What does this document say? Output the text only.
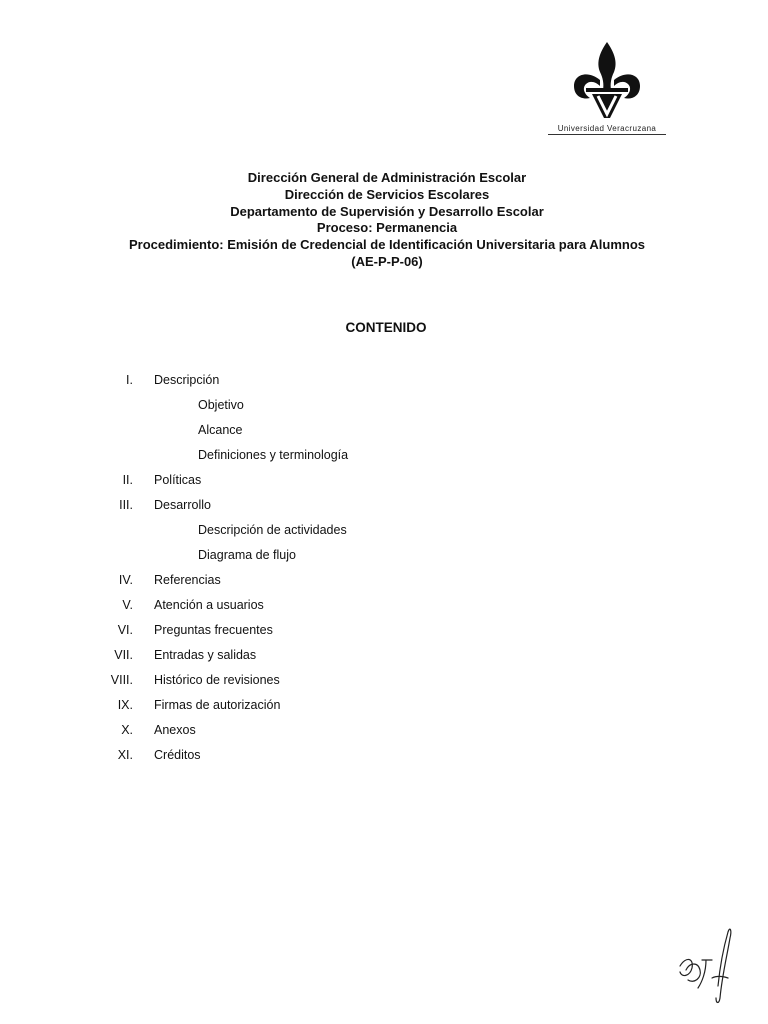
Universidad Veracruzana
Dirección General de Administración Escolar
Dirección de Servicios Escolares
Departamento de Supervisión y Desarrollo Escolar
Proceso: Permanencia
Procedimiento: Emisión de Credencial de Identificación Universitaria para Alumnos
(AE-P-P-06)
CONTENIDO
I. Descripción
Objetivo
Alcance
Definiciones y terminología
II. Políticas
III. Desarrollo
Descripción de actividades
Diagrama de flujo
IV. Referencias
V. Atención a usuarios
VI. Preguntas frecuentes
VII. Entradas y salidas
VIII. Histórico de revisiones
IX. Firmas de autorización
X. Anexos
XI. Créditos
